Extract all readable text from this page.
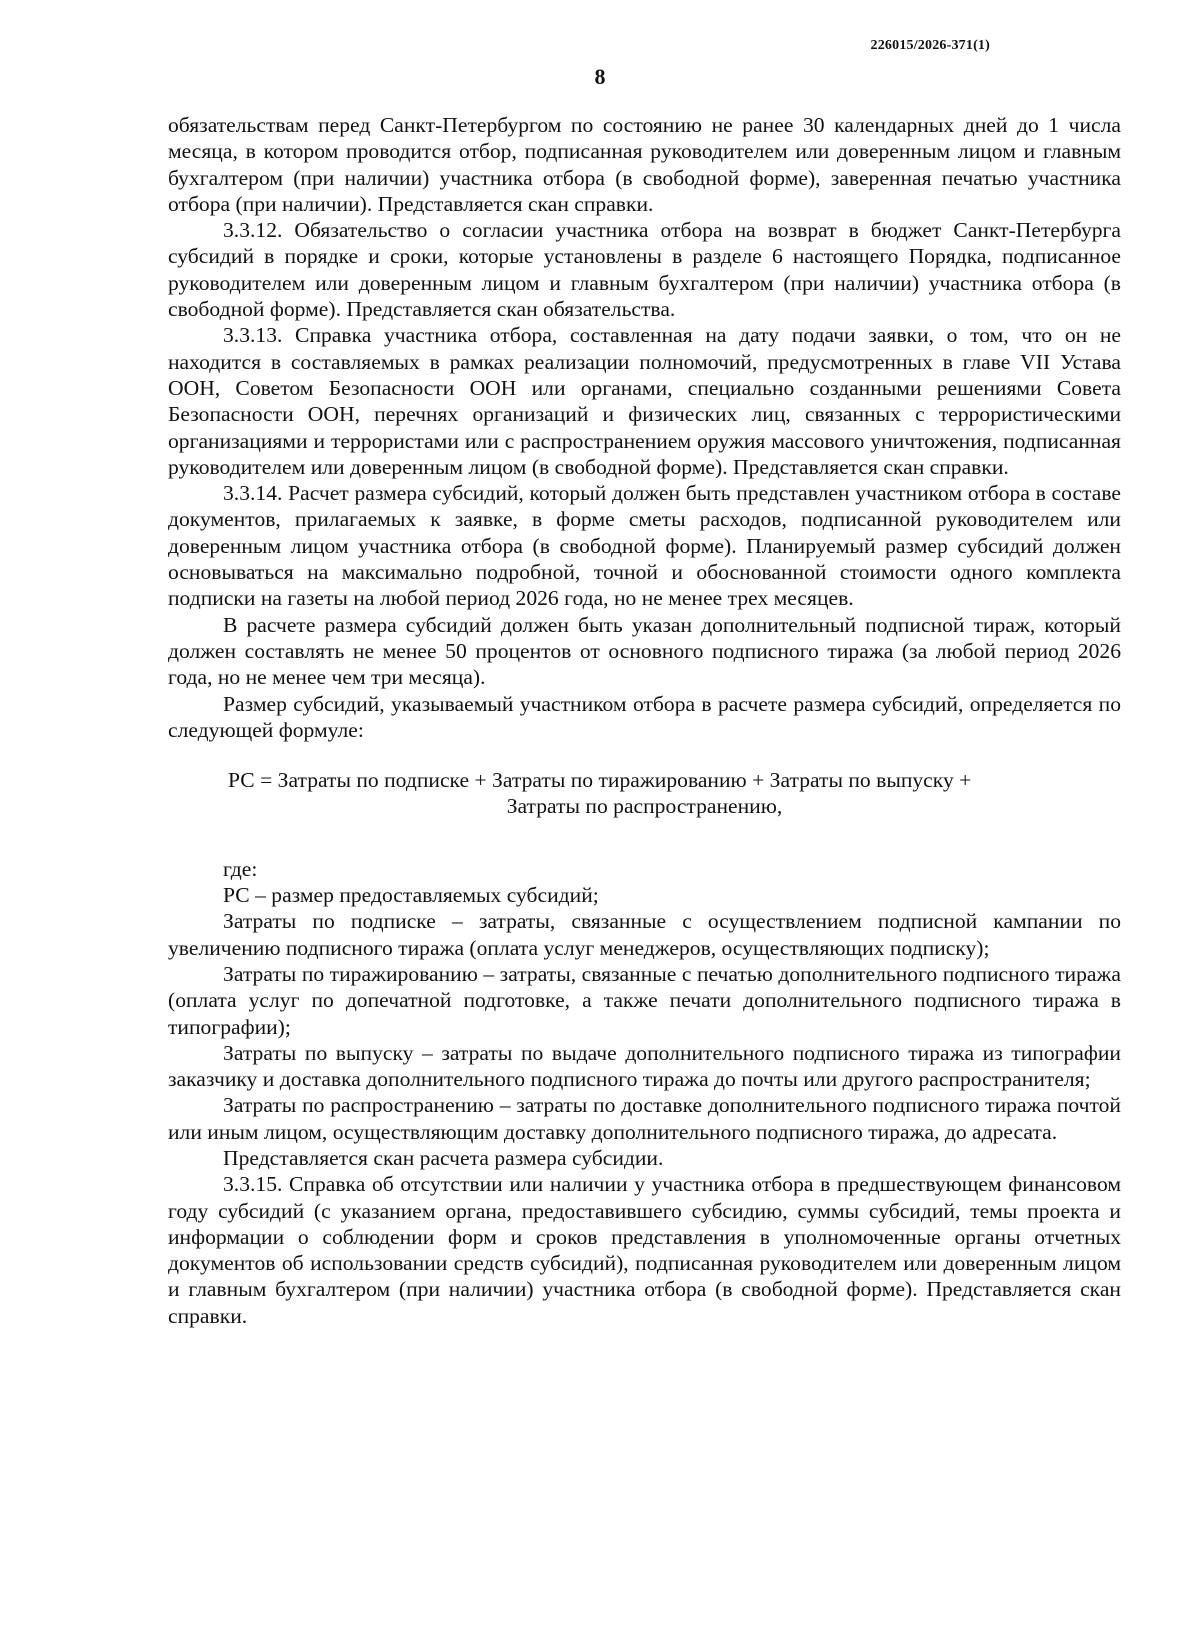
226015/2026-371(1)
8

обязательствам перед Санкт-Петербургом по состоянию не ранее 30 календарных дней до 1 числа месяца, в котором проводится отбор, подписанная руководителем или доверенным лицом и главным бухгалтером (при наличии) участника отбора (в свободной форме), заверенная печатью участника отбора (при наличии). Представляется скан справки.

3.3.12. Обязательство о согласии участника отбора на возврат в бюджет Санкт-Петербурга субсидий в порядке и сроки, которые установлены в разделе 6 настоящего Порядка, подписанное руководителем или доверенным лицом и главным бухгалтером (при наличии) участника отбора (в свободной форме). Представляется скан обязательства.

3.3.13. Справка участника отбора, составленная на дату подачи заявки, о том, что он не находится в составляемых в рамках реализации полномочий, предусмотренных в главе VII Устава ООН, Советом Безопасности ООН или органами, специально созданными решениями Совета Безопасности ООН, перечнях организаций и физических лиц, связанных с террористическими организациями и террористами или с распространением оружия массового уничтожения, подписанная руководителем или доверенным лицом (в свободной форме). Представляется скан справки.

3.3.14. Расчет размера субсидий, который должен быть представлен участником отбора в составе документов, прилагаемых к заявке, в форме сметы расходов, подписанной руководителем или доверенным лицом участника отбора (в свободной форме). Планируемый размер субсидий должен основываться на максимально подробной, точной и обоснованной стоимости одного комплекта подписки на газеты на любой период 2026 года, но не менее трех месяцев.

В расчете размера субсидий должен быть указан дополнительный подписной тираж, который должен составлять не менее 50 процентов от основного подписного тиража (за любой период 2026 года, но не менее чем три месяца).

Размер субсидий, указываемый участником отбора в расчете размера субсидий, определяется по следующей формуле:

РС = Затраты по подписке + Затраты по тиражированию + Затраты по выпуску +
Затраты по распространению,

где:

РС – размер предоставляемых субсидий;

Затраты по подписке – затраты, связанные с осуществлением подписной кампании по увеличению подписного тиража (оплата услуг менеджеров, осуществляющих подписку);

Затраты по тиражированию – затраты, связанные с печатью дополнительного подписного тиража (оплата услуг по допечатной подготовке, а также печати дополнительного подписного тиража в типографии);

Затраты по выпуску – затраты по выдаче дополнительного подписного тиража из типографии заказчику и доставка дополнительного подписного тиража до почты или другого распространителя;

Затраты по распространению – затраты по доставке дополнительного подписного тиража почтой или иным лицом, осуществляющим доставку дополнительного подписного тиража, до адресата.

Представляется скан расчета размера субсидии.

3.3.15. Справка об отсутствии или наличии у участника отбора в предшествующем финансовом году субсидий (с указанием органа, предоставившего субсидию, суммы субсидий, темы проекта и информации о соблюдении форм и сроков представления в уполномоченные органы отчетных документов об использовании средств субсидий), подписанная руководителем или доверенным лицом и главным бухгалтером (при наличии) участника отбора (в свободной форме). Представляется скан справки.
